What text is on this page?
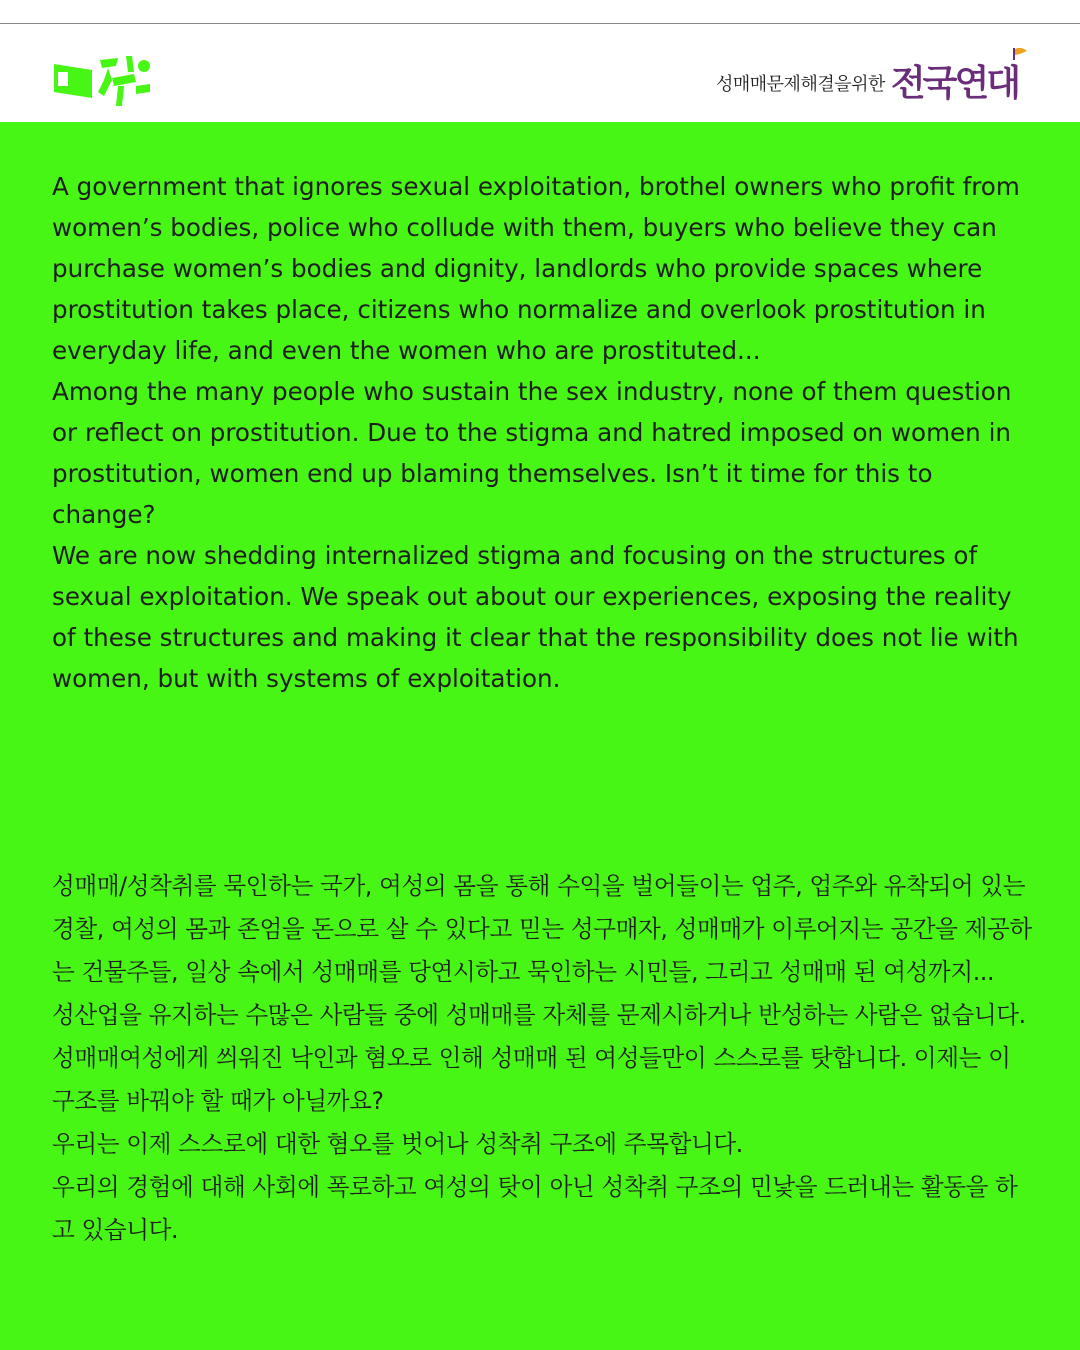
성매매문제해결을위한 전국연대

A government that ignores sexual exploitation, brothel owners who profit from women’s bodies, police who collude with them, buyers who believe they can purchase women’s bodies and dignity, landlords who provide spaces where prostitution takes place, citizens who normalize and overlook prostitution in everyday life, and even the women who are prostituted...

Among the many people who sustain the sex industry, none of them question or reflect on prostitution. Due to the stigma and hatred imposed on women in prostitution, women end up blaming themselves. Isn’t it time for this to change?

We are now shedding internalized stigma and focusing on the structures of sexual exploitation. We speak out about our experiences, exposing the reality of these structures and making it clear that the responsibility does not lie with women, but with systems of exploitation.

성매매/성착취를 묵인하는 국가, 여성의 몸을 통해 수익을 벌어들이는 업주, 업주와 유착되어 있는 경찰, 여성의 몸과 존엄을 돈으로 살 수 있다고 믿는 성구매자, 성매매가 이루어지는 공간을 제공하는 건물주들, 일상 속에서 성매매를 당연시하고 묵인하는 시민들, 그리고 성매매 된 여성까지...

성산업을 유지하는 수많은 사람들 중에 성매매를 자체를 문제시하거나 반성하는 사람은 없습니다. 성매매여성에게 씌워진 낙인과 혐오로 인해 성매매 된 여성들만이 스스로를 탓합니다. 이제는 이 구조를 바꿔야 할 때가 아닐까요?

우리는 이제 스스로에 대한 혐오를 벗어나 성착취 구조에 주목합니다.

우리의 경험에 대해 사회에 폭로하고 여성의 탓이 아닌 성착취 구조의 민낯을 드러내는 활동을 하고 있습니다.
